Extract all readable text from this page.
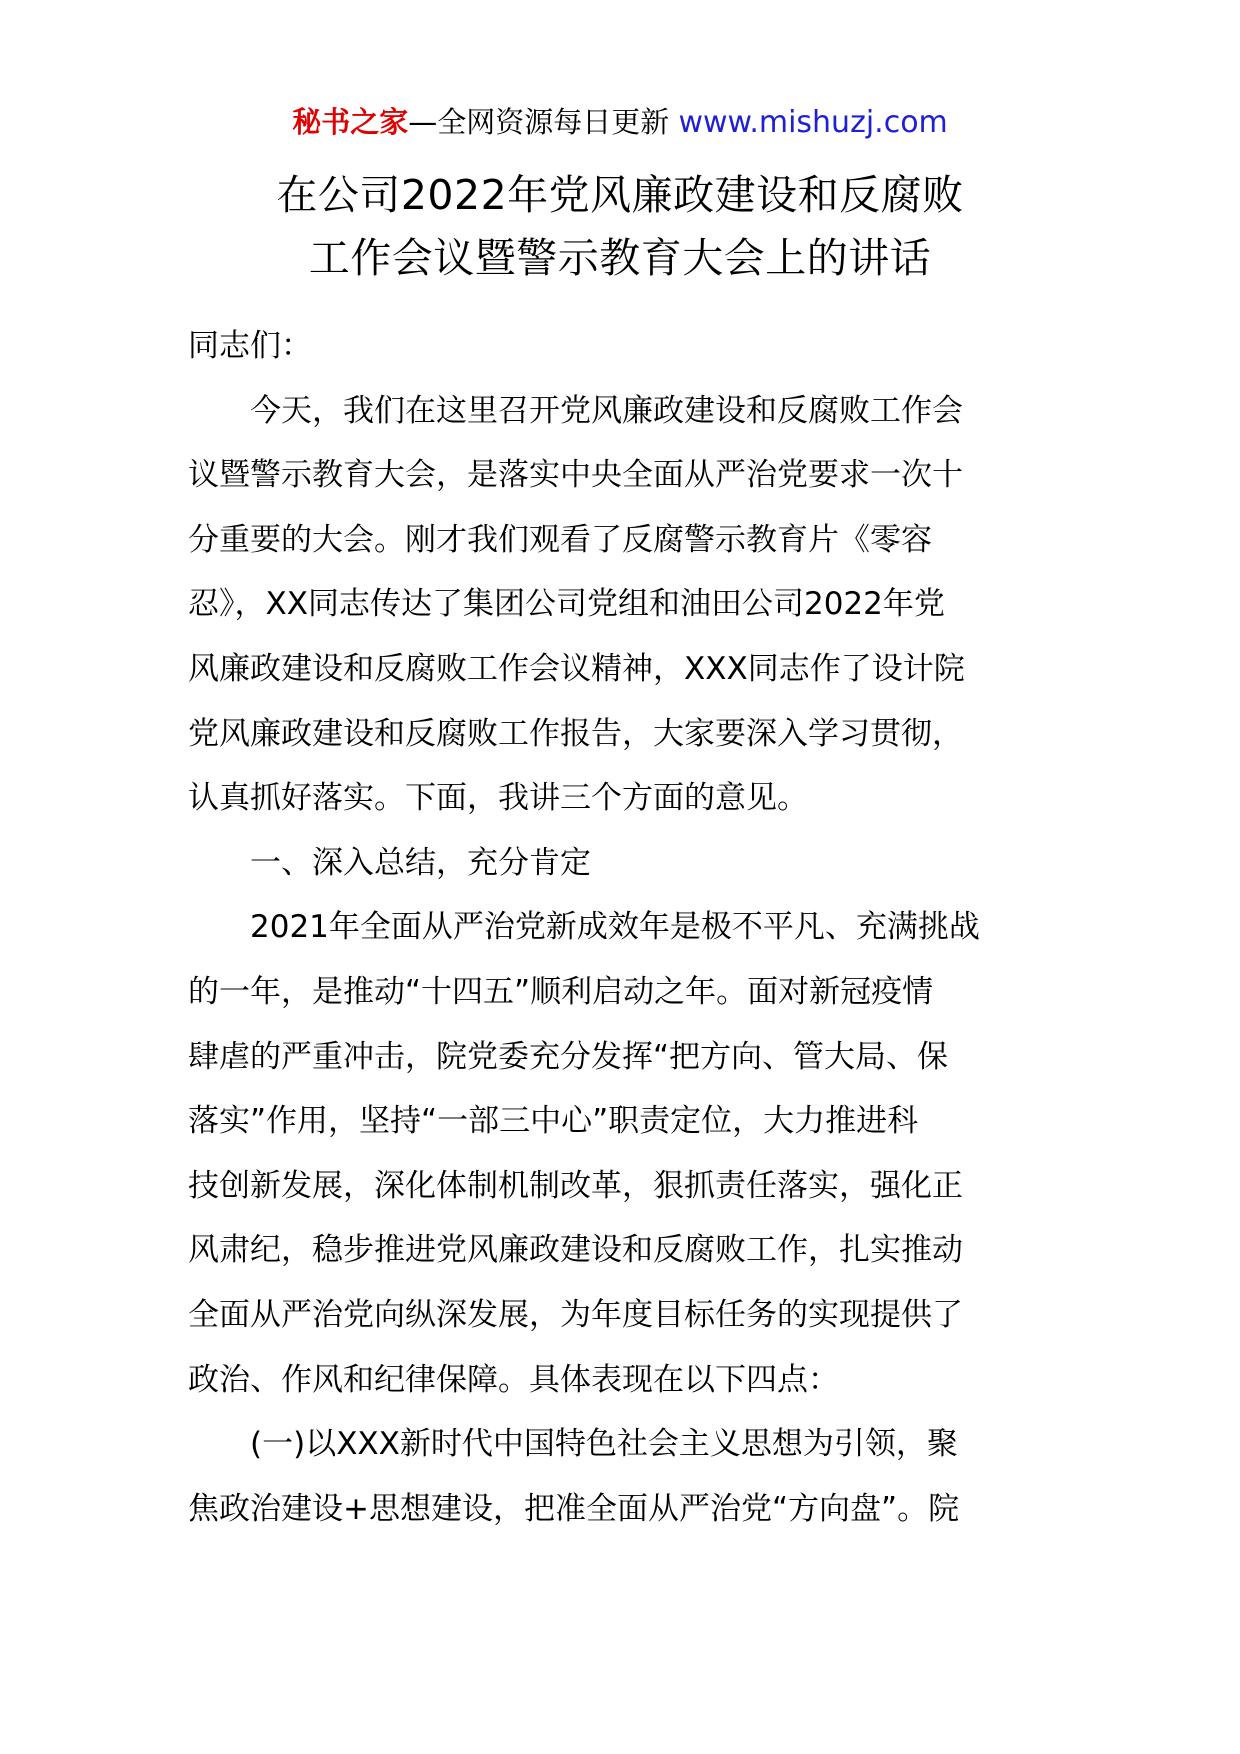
秘书之家—全网资源每日更新 www.mishuzj.com
在公司2022年党风廉政建设和反腐败
工作会议暨警示教育大会上的讲话
同志们：
今天，我们在这里召开党风廉政建设和反腐败工作会
议暨警示教育大会，是落实中央全面从严治党要求一次十
分重要的大会。刚才我们观看了反腐警示教育片《零容
忍》，XX同志传达了集团公司党组和油田公司2022年党
风廉政建设和反腐败工作会议精神，XXX同志作了设计院
党风廉政建设和反腐败工作报告，大家要深入学习贯彻，
认真抓好落实。下面，我讲三个方面的意见。
一、深入总结，充分肯定
2021年全面从严治党新成效年是极不平凡、充满挑战
的一年，是推动“十四五”顺利启动之年。面对新冠疫情
肆虐的严重冲击，院党委充分发挥“把方向、管大局、保
落实”作用，坚持“一部三中心”职责定位，大力推进科
技创新发展，深化体制机制改革，狠抓责任落实，强化正
风肃纪，稳步推进党风廉政建设和反腐败工作，扎实推动
全面从严治党向纵深发展，为年度目标任务的实现提供了
政治、作风和纪律保障。具体表现在以下四点：
(一)以XXX新时代中国特色社会主义思想为引领，聚
焦政治建设+思想建设，把准全面从严治党“方向盘”。院
